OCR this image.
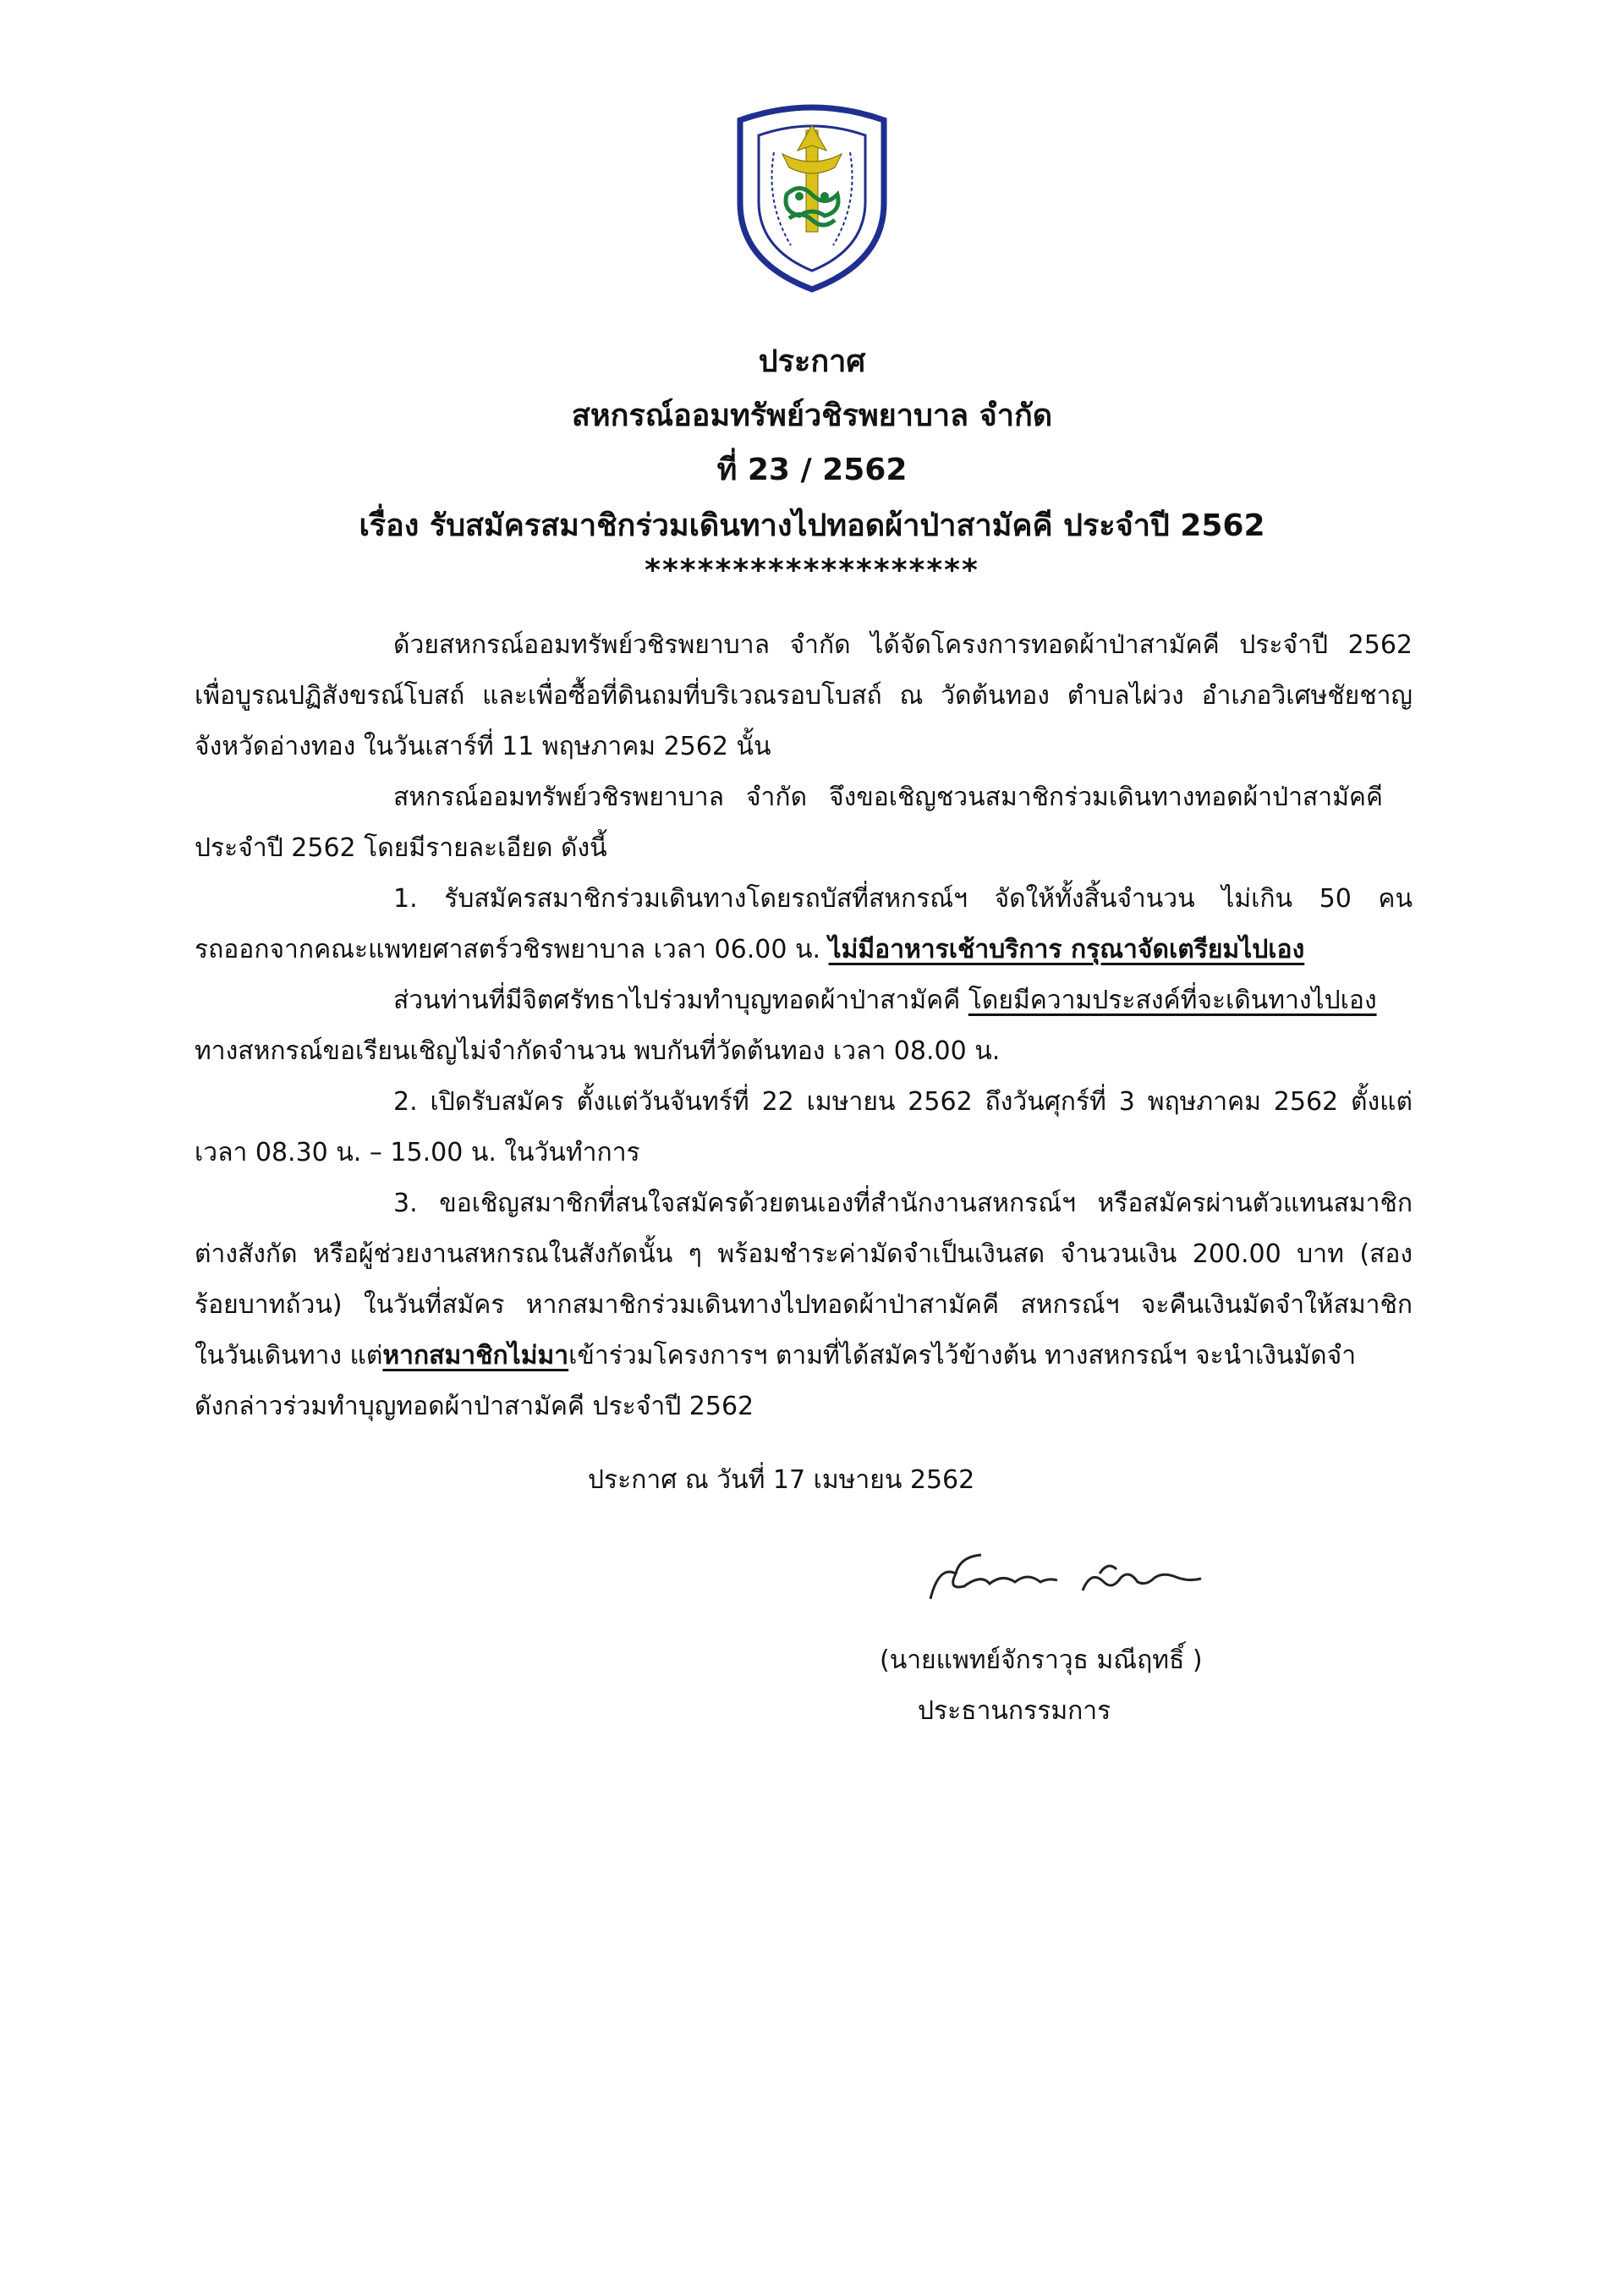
ประกาศ
สหกรณ์ออมทรัพย์วชิรพยาบาล จำกัด
ที่ 23 / 2562
เรื่อง รับสมัครสมาชิกร่วมเดินทางไปทอดผ้าป่าสามัคคี ประจำปี 2562
*******************
ด้วยสหกรณ์ออมทรัพย์วชิรพยาบาล จำกัด ได้จัดโครงการทอดผ้าป่าสามัคคี ประจำปี 2562
เพื่อบูรณปฏิสังขรณ์โบสถ์ และเพื่อซื้อที่ดินถมที่บริเวณรอบโบสถ์ ณ วัดต้นทอง ตำบลไผ่วง อำเภอวิเศษชัยชาญ
จังหวัดอ่างทอง ในวันเสาร์ที่ 11 พฤษภาคม 2562 นั้น
สหกรณ์ออมทรัพย์วชิรพยาบาล จำกัด จึงขอเชิญชวนสมาชิกร่วมเดินทางทอดผ้าป่าสามัคคี
ประจำปี 2562 โดยมีรายละเอียด ดังนี้
1. รับสมัครสมาชิกร่วมเดินทางโดยรถบัสที่สหกรณ์ฯ จัดให้ทั้งสิ้นจำนวน ไม่เกิน 50 คน
รถออกจากคณะแพทยศาสตร์วชิรพยาบาล เวลา 06.00 น. ไม่มีอาหารเช้าบริการ กรุณาจัดเตรียมไปเอง
ส่วนท่านที่มีจิตศรัทธาไปร่วมทำบุญทอดผ้าป่าสามัคคี โดยมีความประสงค์ที่จะเดินทางไปเอง
ทางสหกรณ์ขอเรียนเชิญไม่จำกัดจำนวน พบกันที่วัดต้นทอง เวลา 08.00 น.
2. เปิดรับสมัคร ตั้งแต่วันจันทร์ที่ 22 เมษายน 2562 ถึงวันศุกร์ที่ 3 พฤษภาคม 2562 ตั้งแต่
เวลา 08.30 น. – 15.00 น. ในวันทำการ
3. ขอเชิญสมาชิกที่สนใจสมัครด้วยตนเองที่สำนักงานสหกรณ์ฯ หรือสมัครผ่านตัวแทนสมาชิก
ต่างสังกัด หรือผู้ช่วยงานสหกรณในสังกัดนั้น ๆ พร้อมชำระค่ามัดจำเป็นเงินสด จำนวนเงิน 200.00 บาท (สอง
ร้อยบาทถ้วน) ในวันที่สมัคร หากสมาชิกร่วมเดินทางไปทอดผ้าป่าสามัคคี สหกรณ์ฯ จะคืนเงินมัดจำให้สมาชิก
ในวันเดินทาง แต่หากสมาชิกไม่มาเข้าร่วมโครงการฯ ตามที่ได้สมัครไว้ข้างต้น ทางสหกรณ์ฯ จะนำเงินมัดจำ
ดังกล่าวร่วมทำบุญทอดผ้าป่าสามัคคี ประจำปี 2562
ประกาศ ณ วันที่ 17 เมษายน 2562
(นายแพทย์จักราวุธ มณีฤทธิ์ )
ประธานกรรมการ
